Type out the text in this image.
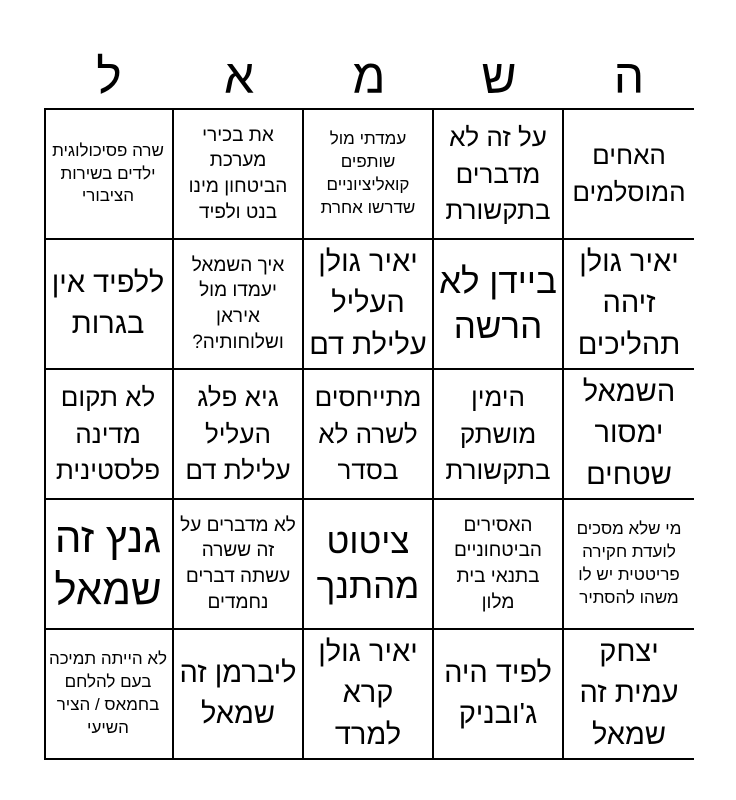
ה
ש
מ
א
ל
האחים המוסלמים
על זה לא מדברים בתקשורת
עמדתי מול שותפים קואליציוניים שדרשו אחרת
את בכירי מערכת הביטחון מינו בנט ולפיד
שרה פסיכולוגית ילדים בשירות הציבורי
יאיר גולן זיהה תהליכים
ביידן לא הרשה
יאיר גולן העליל עלילת דם
איך השמאל יעמדו מול איראן ושלוחותיה?
ללפיד אין בגרות
השמאל ימסור שטחים
הימין מושתק בתקשורת
מתייחסים לשרה לא בסדר
גיא פלג העליל עלילת דם
לא תקום מדינה פלסטינית
מי שלא מסכים לועדת חקירה פריטטית יש לו משהו להסתיר
האסירים הביטחוניים בתנאי בית מלון
ציטוט מהתנך
לא מדברים על זה ששרה עשתה דברים נחמדים
גנץ זה שמאל
יצחק עמית זה שמאל
לפיד היה ג'ובניק
יאיר גולן קרא למרד
ליברמן זה שמאל
לא הייתה תמיכה בעם להלחם בחמאס / הציר השיעי
